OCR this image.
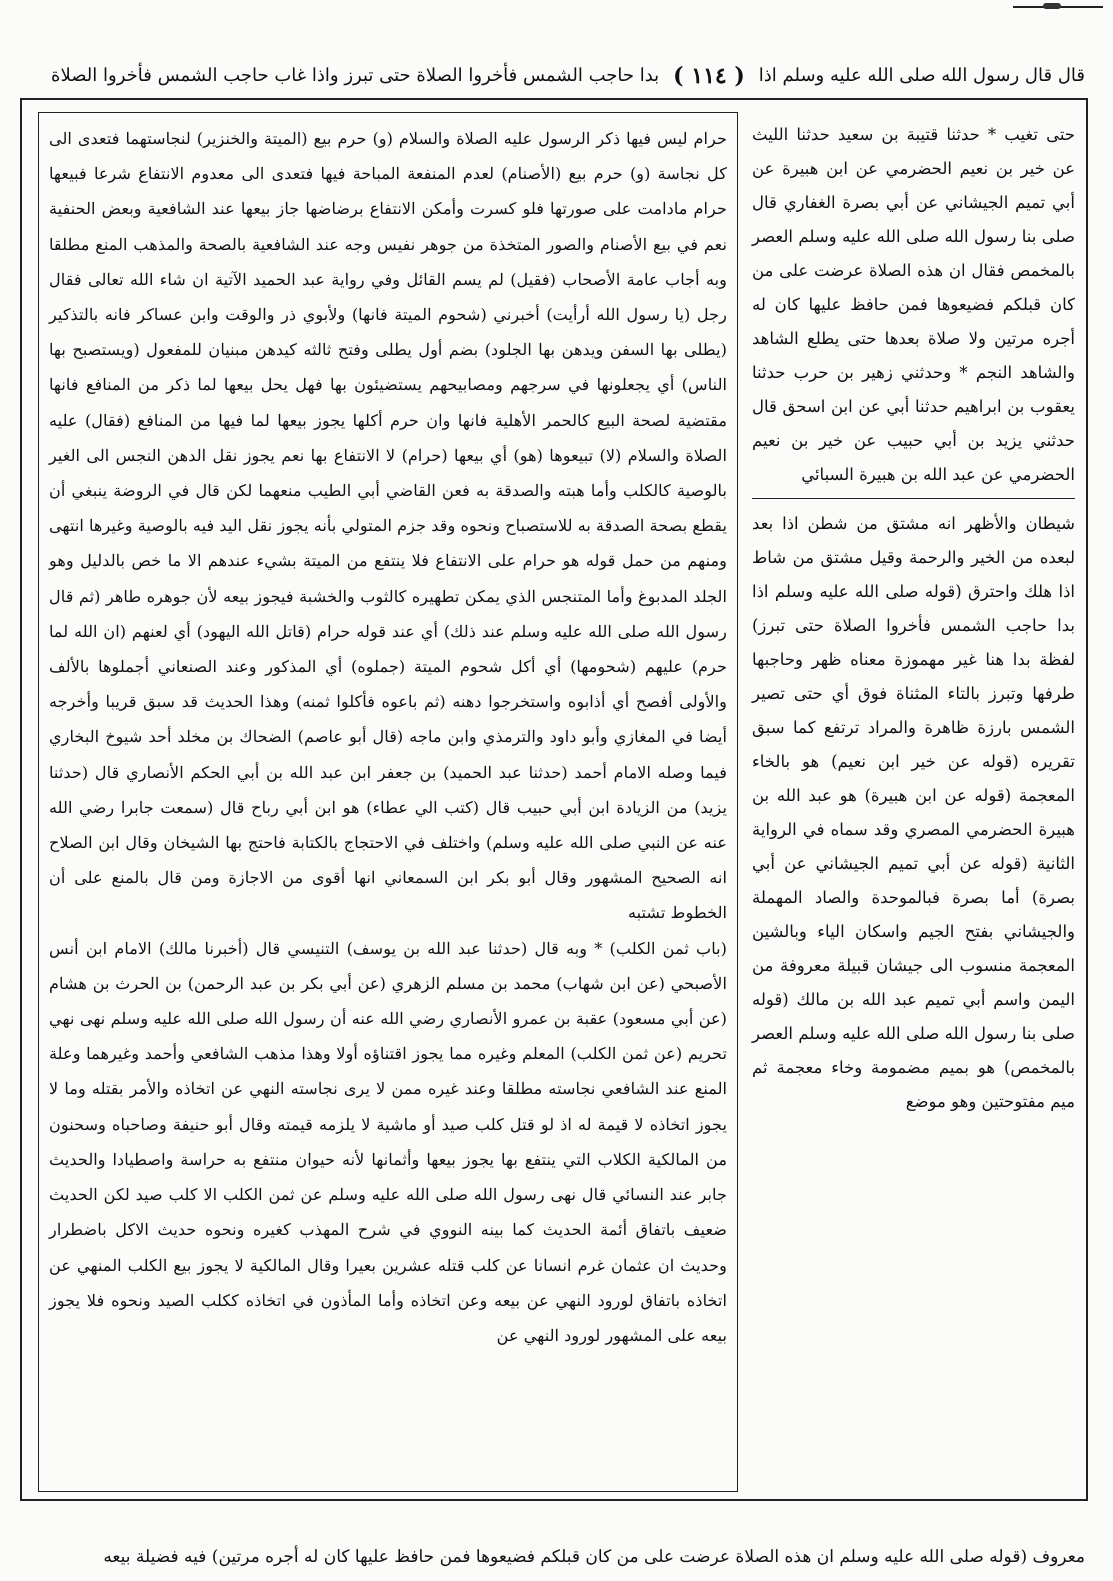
قال قال رسول الله صلى الله عليه وسلم اذا
( ١١٤ )
بدا حاجب الشمس فأخروا الصلاة حتى تبرز واذا غاب حاجب الشمس فأخروا الصلاة

حتى تغيب * حدثنا قتيبة بن سعيد حدثنا الليث عن خير بن نعيم الحضرمي عن ابن هبيرة عن أبي تميم الجيشاني عن أبي بصرة الغفاري قال صلى بنا رسول الله صلى الله عليه وسلم العصر بالمخمص فقال ان هذه الصلاة عرضت على من كان قبلكم فضيعوها فمن حافظ عليها كان له أجره مرتين ولا صلاة بعدها حتى يطلع الشاهد والشاهد النجم * وحدثني زهير بن حرب حدثنا يعقوب بن ابراهيم حدثنا أبي عن ابن اسحق قال حدثني يزيد بن أبي حبيب عن خير بن نعيم الحضرمي عن عبد الله بن هبيرة السبائي

شيطان والأظهر انه مشتق من شطن اذا بعد لبعده من الخير والرحمة وقيل مشتق من شاط اذا هلك واحترق (قوله صلى الله عليه وسلم اذا بدا حاجب الشمس فأخروا الصلاة حتى تبرز) لفظة بدا هنا غير مهموزة معناه ظهر وحاجبها طرفها وتبرز بالتاء المثناة فوق أي حتى تصير الشمس بارزة ظاهرة والمراد ترتفع كما سبق تقريره (قوله عن خير ابن نعيم) هو بالخاء المعجمة (قوله عن ابن هبيرة) هو عبد الله بن هبيرة الحضرمي المصري وقد سماه في الرواية الثانية (قوله عن أبي تميم الجيشاني عن أبي بصرة) أما بصرة فبالموحدة والصاد المهملة والجيشاني بفتح الجيم واسكان الياء وبالشين المعجمة منسوب الى جيشان قبيلة معروفة من اليمن واسم أبي تميم عبد الله بن مالك (قوله صلى بنا رسول الله صلى الله عليه وسلم العصر بالمخمص) هو بميم مضمومة وخاء معجمة ثم ميم مفتوحتين وهو موضع

حرام ليس فيها ذكر الرسول عليه الصلاة والسلام (و) حرم بيع (الميتة والخنزير) لنجاستهما فتعدى الى كل نجاسة (و) حرم بيع (الأصنام) لعدم المنفعة المباحة فيها فتعدى الى معدوم الانتفاع شرعا فبيعها حرام مادامت على صورتها فلو كسرت وأمكن الانتفاع برضاضها جاز بيعها عند الشافعية وبعض الحنفية نعم في بيع الأصنام والصور المتخذة من جوهر نفيس وجه عند الشافعية بالصحة والمذهب المنع مطلقا وبه أجاب عامة الأصحاب (فقيل) لم يسم القائل وفي رواية عبد الحميد الآتية ان شاء الله تعالى فقال رجل (يا رسول الله أرأيت) أخبرني (شحوم الميتة فانها) ولأبوي ذر والوقت وابن عساكر فانه بالتذكير (يطلى بها السفن ويدهن بها الجلود) بضم أول يطلى وفتح ثالثه كيدهن مبنيان للمفعول (ويستصبح بها الناس) أي يجعلونها في سرجهم ومصابيحهم يستضيئون بها فهل يحل بيعها لما ذكر من المنافع فانها مقتضية لصحة البيع كالحمر الأهلية فانها وان حرم أكلها يجوز بيعها لما فيها من المنافع (فقال) عليه الصلاة والسلام (لا) تبيعوها (هو) أي بيعها (حرام) لا الانتفاع بها نعم يجوز نقل الدهن النجس الى الغير بالوصية كالكلب وأما هبته والصدقة به فعن القاضي أبي الطيب منعهما لكن قال في الروضة ينبغي أن يقطع بصحة الصدقة به للاستصباح ونحوه وقد جزم المتولي بأنه يجوز نقل اليد فيه بالوصية وغيرها انتهى ومنهم من حمل قوله هو حرام على الانتفاع فلا ينتفع من الميتة بشيء عندهم الا ما خص بالدليل وهو الجلد المدبوغ وأما المتنجس الذي يمكن تطهيره كالثوب والخشبة فيجوز بيعه لأن جوهره طاهر (ثم قال رسول الله صلى الله عليه وسلم عند ذلك) أي عند قوله حرام (قاتل الله اليهود) أي لعنهم (ان الله لما حرم) عليهم (شحومها) أي أكل شحوم الميتة (جملوه) أي المذكور وعند الصنعاني أجملوها بالألف والأولى أفصح أي أذابوه واستخرجوا دهنه (ثم باعوه فأكلوا ثمنه) وهذا الحديث قد سبق قريبا وأخرجه أيضا في المغازي وأبو داود والترمذي وابن ماجه (قال أبو عاصم) الضحاك بن مخلد أحد شيوخ البخاري فيما وصله الامام أحمد (حدثنا عبد الحميد) بن جعفر ابن عبد الله بن أبي الحكم الأنصاري قال (حدثنا يزيد) من الزيادة ابن أبي حبيب قال (كتب الي عطاء) هو ابن أبي رباح قال (سمعت جابرا رضي الله عنه عن النبي صلى الله عليه وسلم) واختلف في الاحتجاج بالكتابة فاحتج بها الشيخان وقال ابن الصلاح انه الصحيح المشهور وقال أبو بكر ابن السمعاني انها أقوى من الاجازة ومن قال بالمنع على أن الخطوط تشتبه

(باب ثمن الكلب) * وبه قال (حدثنا عبد الله بن يوسف) التنيسي قال (أخبرنا مالك) الامام ابن أنس الأصبحي (عن ابن شهاب) محمد بن مسلم الزهري (عن أبي بكر بن عبد الرحمن) بن الحرث بن هشام (عن أبي مسعود) عقبة بن عمرو الأنصاري رضي الله عنه أن رسول الله صلى الله عليه وسلم نهى نهي تحريم (عن ثمن الكلب) المعلم وغيره مما يجوز اقتناؤه أولا وهذا مذهب الشافعي وأحمد وغيرهما وعلة المنع عند الشافعي نجاسته مطلقا وعند غيره ممن لا يرى نجاسته النهي عن اتخاذه والأمر بقتله وما لا يجوز اتخاذه لا قيمة له اذ لو قتل كلب صيد أو ماشية لا يلزمه قيمته وقال أبو حنيفة وصاحباه وسحنون من المالكية الكلاب التي ينتفع بها يجوز بيعها وأثمانها لأنه حيوان منتفع به حراسة واصطيادا والحديث جابر عند النسائي قال نهى رسول الله صلى الله عليه وسلم عن ثمن الكلب الا كلب صيد لكن الحديث ضعيف باتفاق أئمة الحديث كما بينه النووي في شرح المهذب كغيره ونحوه حديث الاكل باضطرار وحديث ان عثمان غرم انسانا عن كلب قتله عشرين بعيرا وقال المالكية لا يجوز بيع الكلب المنهي عن اتخاذه باتفاق لورود النهي عن بيعه وعن اتخاذه وأما المأذون في اتخاذه ككلب الصيد ونحوه فلا يجوز بيعه على المشهور لورود النهي عن

معروف (قوله صلى الله عليه وسلم ان هذه الصلاة عرضت على من كان قبلكم فضيعوها فمن حافظ عليها كان له أجره مرتين) فيه فضيلة بيعه
